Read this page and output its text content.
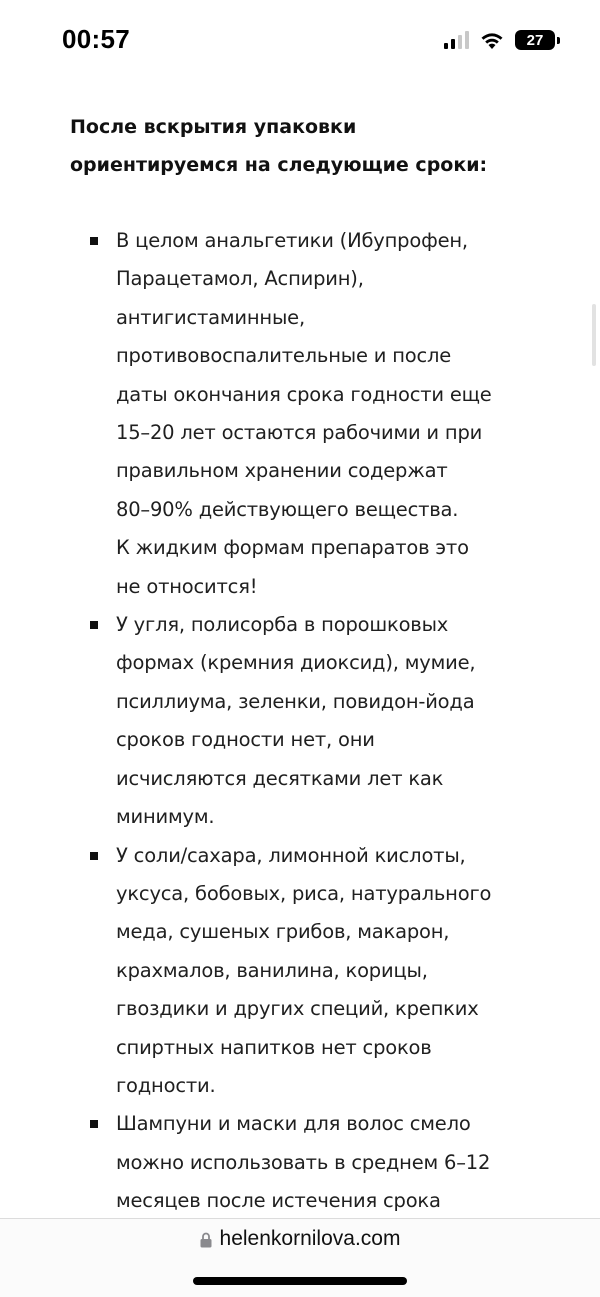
00:57	27
После вскрытия упаковки
ориентируемся на следующие сроки:
В целом анальгетики (Ибупрофен,
Парацетамол, Аспирин),
антигистаминные,
противовоспалительные и после
даты окончания срока годности еще
15–20 лет остаются рабочими и при
правильном хранении содержат
80–90% действующего вещества.
К жидким формам препаратов это
не относится!
У угля, полисорба в порошковых
формах (кремния диоксид), мумие,
псиллиума, зеленки, повидон-йода
сроков годности нет, они
исчисляются десятками лет как
минимум.
У соли/сахара, лимонной кислоты,
уксуса, бобовых, риса, натурального
меда, сушеных грибов, макарон,
крахмалов, ванилина, корицы,
гвоздики и других специй, крепких
спиртных напитков нет сроков
годности.
Шампуни и маски для волос смело
можно использовать в среднем 6–12
месяцев после истечения срока
helenkornilova.com
